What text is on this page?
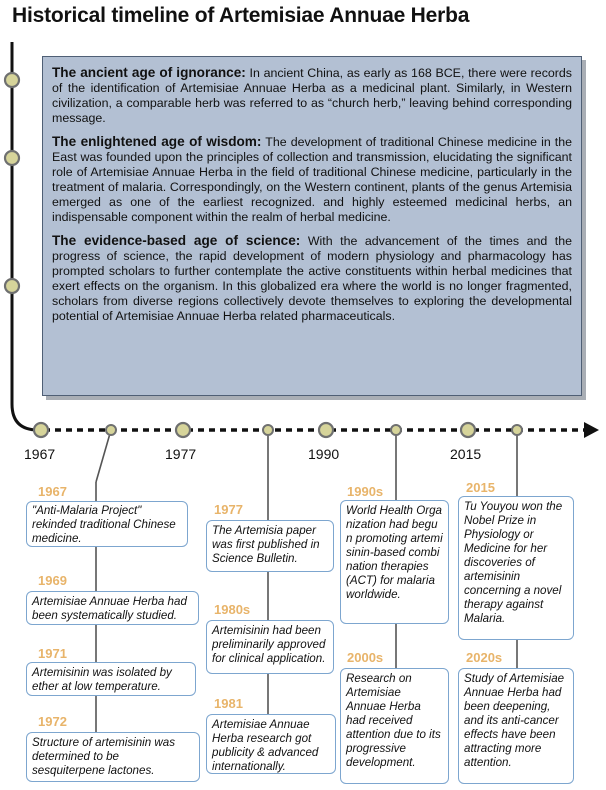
Historical timeline of Artemisiae Annuae Herba

The ancient age of ignorance: In ancient China, as early as 168 BCE, there were records of the identification of Artemisiae Annuae Herba as a medicinal plant. Similarly, in Western civilization, a comparable herb was referred to as “church herb,” leaving behind corresponding message.

The enlightened age of wisdom: The development of traditional Chinese medicine in the East was founded upon the principles of collection and transmission, elucidating the significant role of Artemisiae Annuae Herba in the field of traditional Chinese medicine, particularly in the treatment of malaria. Correspondingly, on the Western continent, plants of the genus Artemisia emerged as one of the earliest recognized. and highly esteemed medicinal herbs, an indispensable component within the realm of herbal medicine.

The evidence-based age of science: With the advancement of the times and the progress of science, the rapid development of modern physiology and pharmacology has prompted scholars to further contemplate the active constituents within herbal medicines that exert effects on the organism. In this globalized era where the world is no longer fragmented, scholars from diverse regions collectively devote themselves to exploring the developmental potential of Artemisiae Annuae Herba related pharmaceuticals.

1967	1977	1990	2015
1967
"Anti-Malaria Project" rekinded traditional Chinese medicine.
1969
Artemisiae Annuae Herba had been systematically studied.
1971
Artemisinin was isolated by ether at low temperature.
1972
Structure of artemisinin was determined to be sesquiterpene lactones.
1977
The Artemisia paper was first published in Science Bulletin.
1980s
Artemisinin had been preliminarily approved for clinical application.
1981
Artemisiae Annuae Herba research got publicity & advanced internationally.
1990s
World Health Organization had begun promoting artemisinin-based combination therapies (ACT) for malaria worldwide.
2000s
Research on Artemisiae Annuae Herba had received attention due to its progressive development.
2015
Tu Youyou won the Nobel Prize in Physiology or Medicine for her discoveries of artemisinin concerning a novel therapy against Malaria.
2020s
Study of Artemisiae Annuae Herba had been deepening, and its anti-cancer effects have been attracting more attention.
